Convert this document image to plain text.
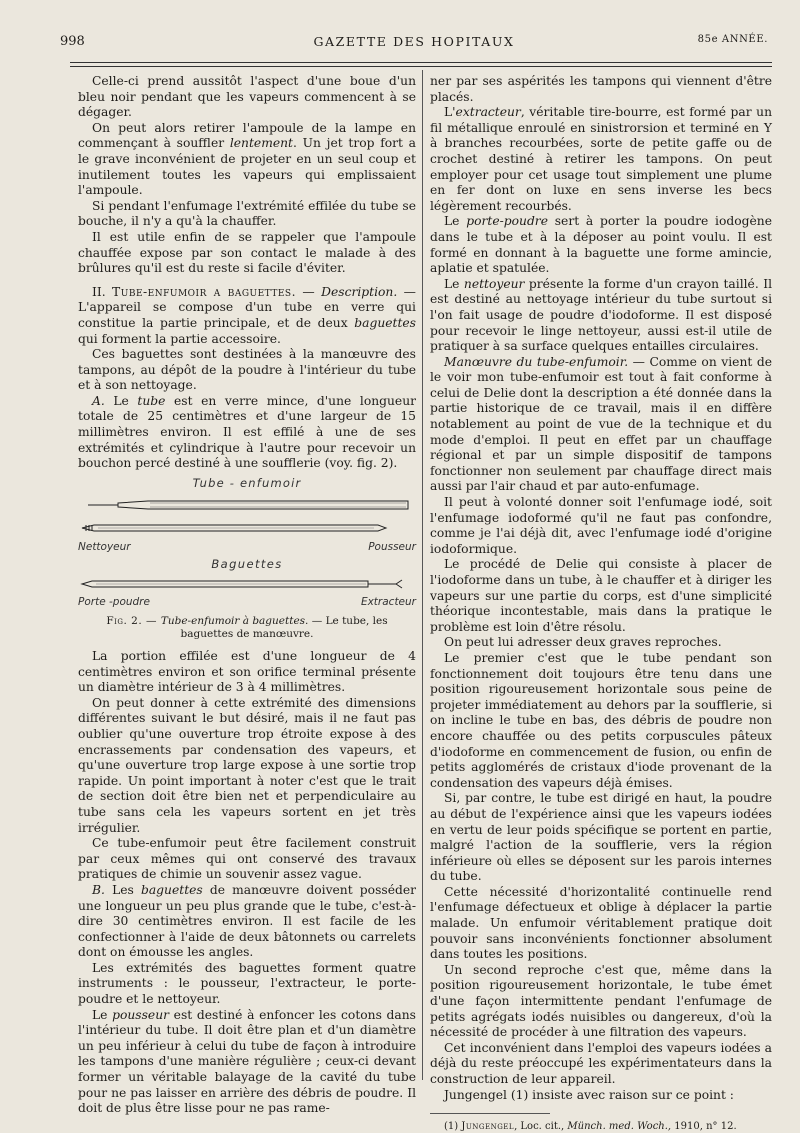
998	GAZETTE DES HOPITAUX	85e ANNÉE.

Celle-ci prend aussitôt l'aspect d'une boue d'un bleu noir pendant que les vapeurs commencent à se dégager.

On peut alors retirer l'ampoule de la lampe en commençant à souffler lentement. Un jet trop fort a le grave inconvénient de projeter en un seul coup et inutilement toutes les vapeurs qui emplissaient l'ampoule.

Si pendant l'enfumage l'extrémité effilée du tube se bouche, il n'y a qu'à la chauffer.

Il est utile enfin de se rappeler que l'ampoule chauffée expose par son contact le malade à des brûlures qu'il est du reste si facile d'éviter.

II. Tube-enfumoir a baguettes. — Description. — L'appareil se compose d'un tube en verre qui constitue la partie principale, et de deux baguettes qui forment la partie accessoire.

Ces baguettes sont destinées à la manœuvre des tampons, au dépôt de la poudre à l'intérieur du tube et à son nettoyage.

A. Le tube est en verre mince, d'une longueur totale de 25 centimètres et d'une largeur de 15 millimètres environ. Il est effilé à une de ses extrémités et cylindrique à l'autre pour recevoir un bouchon percé destiné à une soufflerie (voy. fig. 2).

Tube - enfumoir

Nettoyeur	Pousseur
Baguettes
Porte -poudre	Extracteur
Fig. 2. — Tube-enfumoir à baguettes. — Le tube, les baguettes de manœuvre.

La portion effilée est d'une longueur de 4 centimètres environ et son orifice terminal présente un diamètre intérieur de 3 à 4 millimètres.

On peut donner à cette extrémité des dimensions différentes suivant le but désiré, mais il ne faut pas oublier qu'une ouverture trop étroite expose à des encrassements par condensation des vapeurs, et qu'une ouverture trop large expose à une sortie trop rapide. Un point important à noter c'est que le trait de section doit être bien net et perpendiculaire au tube sans cela les vapeurs sortent en jet très irrégulier.

Ce tube-enfumoir peut être facilement construit par ceux mêmes qui ont conservé des travaux pratiques de chimie un souvenir assez vague.

B. Les baguettes de manœuvre doivent posséder une longueur un peu plus grande que le tube, c'est-à-dire 30 centimètres environ. Il est facile de les confectionner à l'aide de deux bâtonnets ou carrelets dont on émousse les angles.

Les extrémités des baguettes forment quatre instruments : le pousseur, l'extracteur, le porte-poudre et le nettoyeur.

Le pousseur est destiné à enfoncer les cotons dans l'intérieur du tube. Il doit être plan et d'un diamètre un peu inférieur à celui du tube de façon à introduire les tampons d'une manière régulière ; ceux-ci devant former un véritable balayage de la cavité du tube pour ne pas laisser en arrière des débris de poudre. Il doit de plus être lisse pour ne pas rame-

ner par ses aspérités les tampons qui viennent d'être placés.

L'extracteur, véritable tire-bourre, est formé par un fil métallique enroulé en sinistrorsion et terminé en Y à branches recourbées, sorte de petite gaffe ou de crochet destiné à retirer les tampons. On peut employer pour cet usage tout simplement une plume en fer dont on luxe en sens inverse les becs légèrement recourbés.

Le porte-poudre sert à porter la poudre iodogène dans le tube et à la déposer au point voulu. Il est formé en donnant à la baguette une forme amincie, aplatie et spatulée.

Le nettoyeur présente la forme d'un crayon taillé. Il est destiné au nettoyage intérieur du tube surtout si l'on fait usage de poudre d'iodoforme. Il est disposé pour recevoir le linge nettoyeur, aussi est-il utile de pratiquer à sa surface quelques entailles circulaires.

Manœuvre du tube-enfumoir. — Comme on vient de le voir mon tube-enfumoir est tout à fait conforme à celui de Delie dont la description a été donnée dans la partie historique de ce travail, mais il en diffère notablement au point de vue de la technique et du mode d'emploi. Il peut en effet par un chauffage régional et par un simple dispositif de tampons fonctionner non seulement par chauffage direct mais aussi par l'air chaud et par auto-enfumage.

Il peut à volonté donner soit l'enfumage iodé, soit l'enfumage iodoformé qu'il ne faut pas confondre, comme je l'ai déjà dit, avec l'enfumage iodé d'origine iodoformique.

Le procédé de Delie qui consiste à placer de l'iodoforme dans un tube, à le chauffer et à diriger les vapeurs sur une partie du corps, est d'une simplicité théorique incontestable, mais dans la pratique le problème est loin d'être résolu.

On peut lui adresser deux graves reproches.

Le premier c'est que le tube pendant son fonctionnement doit toujours être tenu dans une position rigoureusement horizontale sous peine de projeter immédiatement au dehors par la soufflerie, si on incline le tube en bas, des débris de poudre non encore chauffée ou des petits corpuscules pâteux d'iodoforme en commencement de fusion, ou enfin de petits agglomérés de cristaux d'iode provenant de la condensation des vapeurs déjà émises.

Si, par contre, le tube est dirigé en haut, la poudre au début de l'expérience ainsi que les vapeurs iodées en vertu de leur poids spécifique se portent en partie, malgré l'action de la soufflerie, vers la région inférieure où elles se déposent sur les parois internes du tube.

Cette nécessité d'horizontalité continuelle rend l'enfumage défectueux et oblige à déplacer la partie malade. Un enfumoir véritablement pratique doit pouvoir sans inconvénients fonctionner absolument dans toutes les positions.

Un second reproche c'est que, même dans la position rigoureusement horizontale, le tube émet d'une façon intermittente pendant l'enfumage de petits agrégats iodés nuisibles ou dangereux, d'où la nécessité de procéder à une filtration des vapeurs.

Cet inconvénient dans l'emploi des vapeurs iodées a déjà du reste préoccupé les expérimentateurs dans la construction de leur appareil.

Jungengel (1) insiste avec raison sur ce point :

(1) Jungengel, Loc. cit., Münch. med. Woch., 1910, n° 12.
